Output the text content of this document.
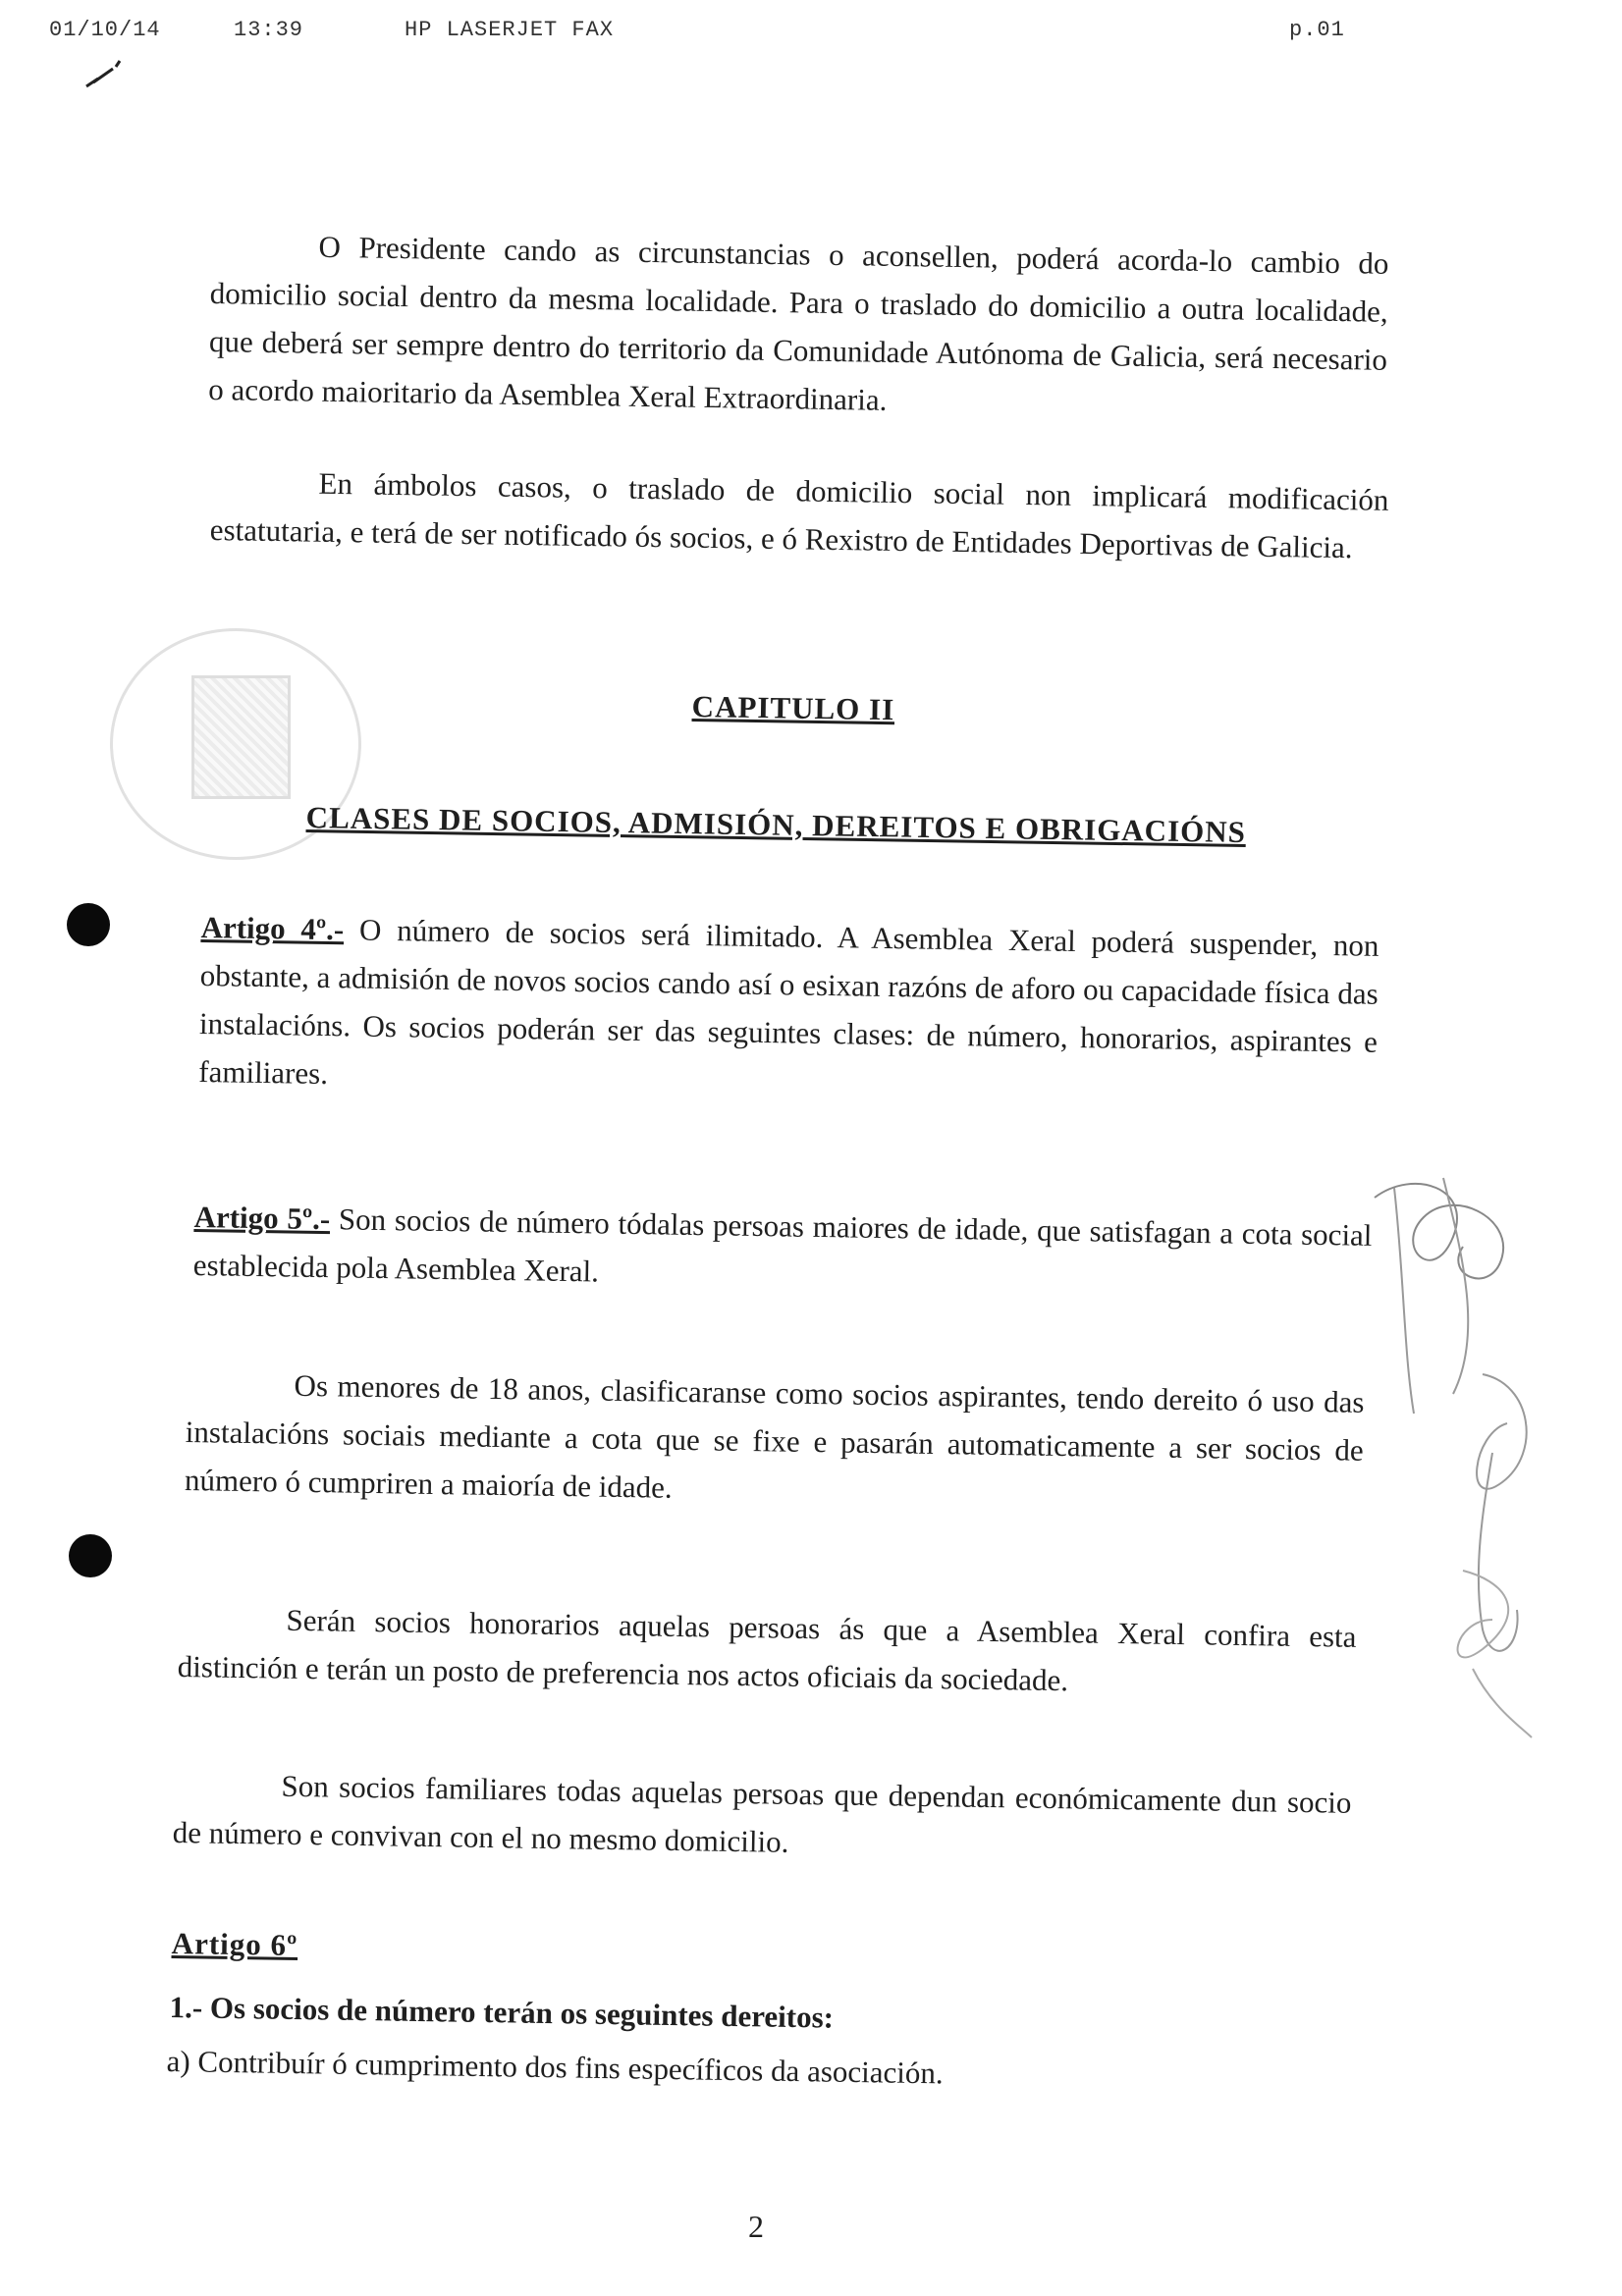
01/10/14	13:39	HP LASERJET FAX	p.01
O Presidente cando as circunstancias o aconsellen, poderá acorda-lo cambio do domicilio social dentro da mesma localidade. Para o traslado do domicilio a outra localidade, que deberá ser sempre dentro do territorio da Comunidade Autónoma de Galicia, será necesario o acordo maioritario da Asemblea Xeral Extraordinaria.
En ámbolos casos, o traslado de domicilio social non implicará modificación estatutaria, e terá de ser notificado ós socios, e ó Rexistro de Entidades Deportivas de Galicia.
CAPITULO II
CLASES DE SOCIOS, ADMISIÓN, DEREITOS E OBRIGACIÓNS
Artigo 4º.- O número de socios será ilimitado. A Asemblea Xeral poderá suspender, non obstante, a admisión de novos socios cando así o esixan razóns de aforo ou capacidade física das instalacións. Os socios poderán ser das seguintes clases: de número, honorarios, aspirantes e familiares.
Artigo 5º.- Son socios de número tódalas persoas maiores de idade, que satisfagan a cota social establecida pola Asemblea Xeral.
Os menores de 18 anos, clasificaranse como socios aspirantes, tendo dereito ó uso das instalacións sociais mediante a cota que se fixe e pasarán automaticamente a ser socios de número ó cumpriren a maioría de idade.
Serán socios honorarios aquelas persoas ás que a Asemblea Xeral confira esta distinción e terán un posto de preferencia nos actos oficiais da sociedade.
Son socios familiares todas aquelas persoas que dependan económicamente dun socio de número e convivan con el no mesmo domicilio.
Artigo 6º
1.- Os socios de número terán os seguintes dereitos:
a) Contribuír ó cumprimento dos fins específicos da asociación.
2
